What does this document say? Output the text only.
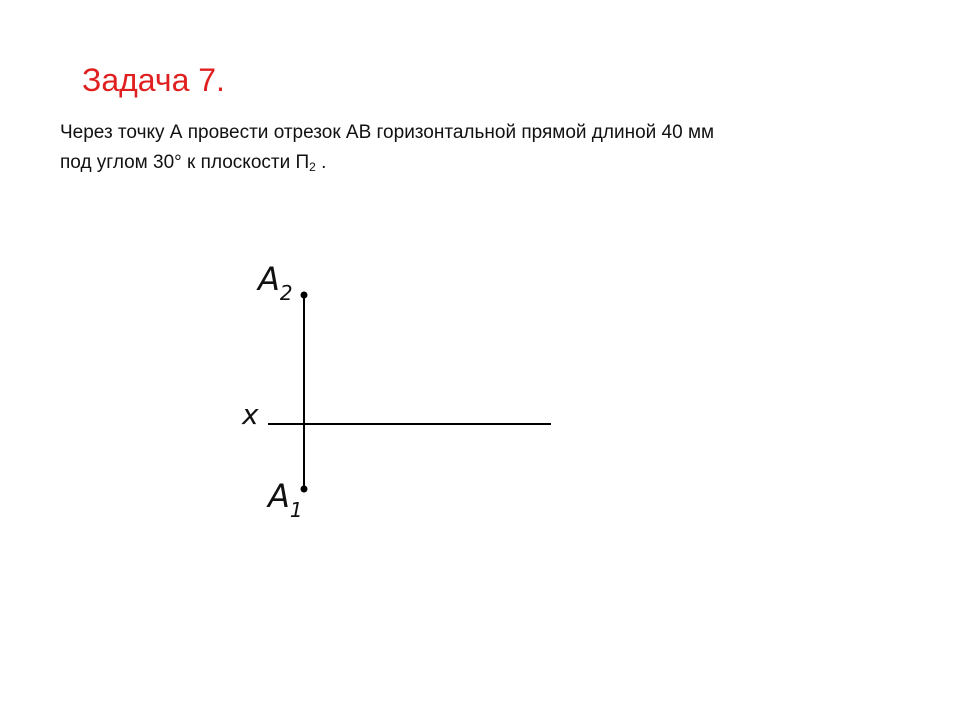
Задача 7.
Через точку А провести отрезок АВ горизонтальной прямой длиной 40 мм
под углом 30° к плоскости $П_2$ .
x
$A_2$
$A_1$
